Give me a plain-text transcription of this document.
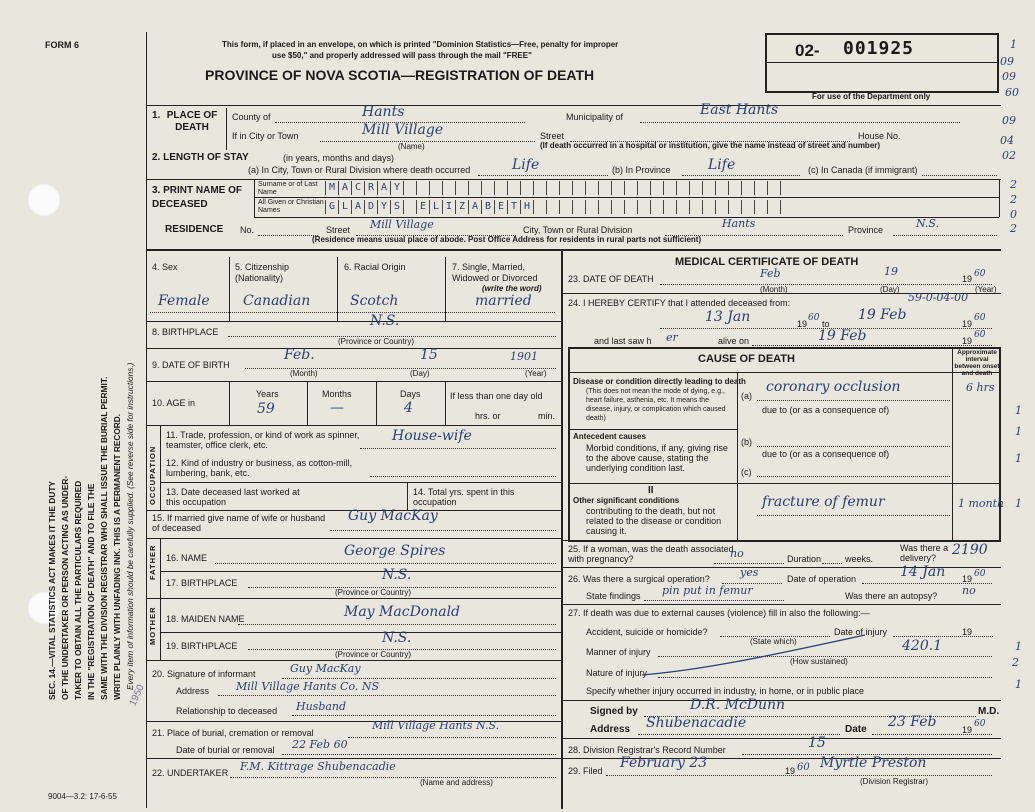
FORM 6
9004—3.2: 17-6-55
SEC. 14.—VITAL STATISTICS ACT MAKES IT THE DUTY OF THE UNDERTAKER OR PERSON ACTING AS UNDER- TAKER TO OBTAIN ALL THE PARTICULARS REQUIRED IN THE "REGISTRATION OF DEATH" AND TO FILE THE SAME WITH THE DIVISION REGISTRAR WHO SHALL ISSUE THE BURIAL PERMIT. WRITE PLAINLY WITH UNFADING INK. THIS IS A PERMANENT RECORD. Every item of information should be carefully supplied. (See reverse side for instructions.)
This form, if placed in an envelope, on which is printed "Dominion Statistics—Free, penalty for improper
use $50," and properly addressed will pass through the mail "FREE"
PROVINCE OF NOVA SCOTIA—REGISTRATION OF DEATH
02- 001925
For use of the Department only
1
09
09
60
09
04
02
2
2
0
2
1. PLACE OF DEATH
County of	Hants	Municipality of	East Hants
If in City or Town	Mill Village
(Name)
Street	House No.
(If death occurred in a hospital or institution, give the name instead of street and number)
2. LENGTH OF STAY	(in years, months and days)
(a) In City, Town or Rural Division where death occurred	Life	(b) In Province	Life	(c) In Canada (if immigrant)
3. PRINT NAME OF DECEASED
Surname or of Last Name
All Given or Christian Names
M A C R A Y
G L A D Y S	E L I Z A B E T H
RESIDENCE No.	Street Mill Village	City, Town or Rural Division	Hants	Province	N.S.
(Residence means usual place of abode. Post Office Address for residents in rural parts not sufficient)
4. Sex	5. Citizenship (Nationality)
6. Racial Origin	7. Single, Married, Widowed or Divorced
(write the word)
Female Canadian	Scotch	married
8. BIRTHPLACE
N.S.
(Province or Country)
9. DATE OF BIRTH
Feb.	15	1901
(Month)	(Day)	(Year)
10. AGE in
Years	Months	Days
59	—	4
If less than one day old
hrs. or	min.
OCCUPATION
11. Trade, profession, or kind of work as spinner, teamster, office clerk, etc.
House-wife
12. Kind of industry or business, as cotton-mill, lumbering, bank, etc.
13. Date deceased last worked at this occupation
14. Total yrs. spent in this occupation
15. If married give name of wife or husband of deceased
Guy MacKay
FATHER 16. NAME	George Spires
17. BIRTHPLACE	N.S.
(Province or Country)
MOTHER 18. MAIDEN NAME	May MacDonald
19. BIRTHPLACE	N.S.
(Province or Country)
20. Signature of informant	Guy MacKay
Address Mill Village Hants Co. NS
Relationship to deceased Husband
1950
21. Place of burial, cremation or removal
Mill Village Hants N.S.
Date of burial or removal 22 Feb 60
22. UNDERTAKER F.M. Kittrage Shubenacadie
(Name and address)
MEDICAL CERTIFICATE OF DEATH
23. DATE OF DEATH	Feb	19
19 60
(Month)	(Day)	(Year)
24. I HEREBY CERTIFY that I attended deceased from:	59-0-04-00
13 Jan	19
60
to
19 Feb
19
60
and last saw h er	alive on	19 Feb	19
60
CAUSE OF DEATH
Approximate interval between onset and death
Disease or condition directly leading to death
(This does not mean the mode of dying, e.g., heart failure, asthenia, etc. It means the disease, injury, or complication which caused death)
(a)
coronary occlusion	6 hrs
due to (or as a consequence of)
Antecedent causes
Morbid conditions, if any, giving rise to the above cause, stating the underlying condition last.
(b)
due to (or as a consequence of)
(c)
II
Other significant conditions
contributing to the death, but not related to the disease or condition causing it.
fracture of femur	1 month
25. If a woman, was the death associated with pregnancy?	no	Duration	weeks.
Was there a delivery?	2190
26. Was there a surgical operation?	yes	Date of operation	14 Jan 19 60
State findings pin put in femur	Was there an autopsy? no
27. If death was due to external causes (violence) fill in also the following:—
Accident, suicide or homicide?
(State which)
Date of injury	19
Manner of injury	420.1
(How sustained)
Nature of injury
Specify whether injury occurred in industry, in home, or in public place
Signed by	D.R. McDunn	M.D.
Address Shubenacadie	Date 23 Feb	19
60
28. Division Registrar's Record Number	15
29. Filed February 23	19 60 Myrtle Preston
(Division Registrar)
1
1
1
1
1
2
1
